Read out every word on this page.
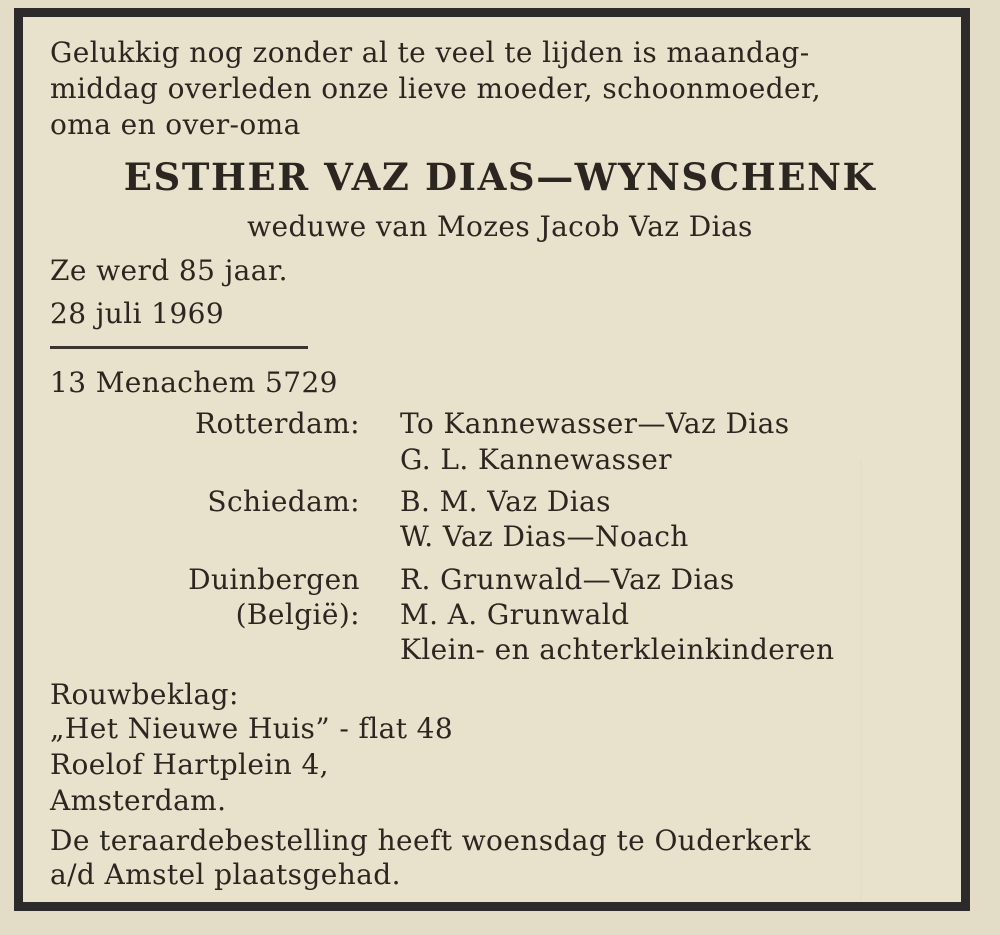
Gelukkig nog zonder al te veel te lijden is maandag-
middag overleden onze lieve moeder, schoonmoeder,
oma en over-oma
ESTHER VAZ DIAS—WYNSCHENK
weduwe van Mozes Jacob Vaz Dias
Ze werd 85 jaar.
28 juli 1969
13 Menachem 5729
Rotterdam: To Kannewasser—Vaz Dias
G. L. Kannewasser
Schiedam: B. M. Vaz Dias
W. Vaz Dias—Noach
Duinbergen
(België):
R. Grunwald—Vaz Dias
M. A. Grunwald
Klein- en achterkleinkinderen
Rouwbeklag:
„Het Nieuwe Huis” - flat 48
Roelof Hartplein 4,
Amsterdam.
De teraardebestelling heeft woensdag te Ouderkerk
a/d Amstel plaatsgehad.
